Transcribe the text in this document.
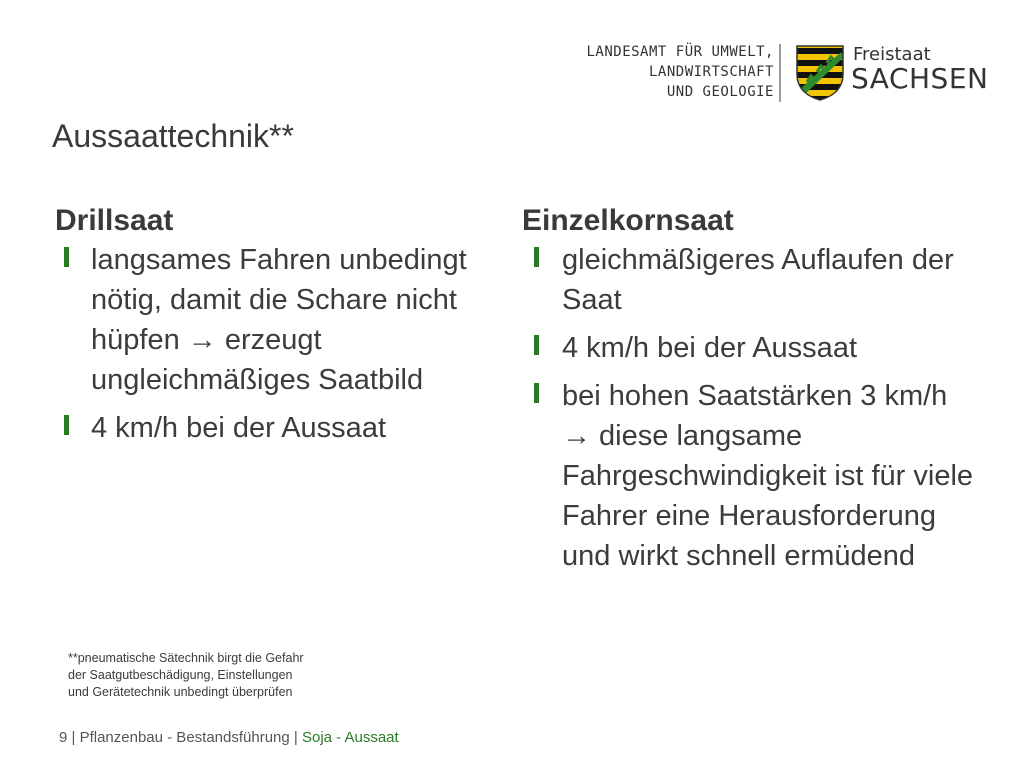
LANDESAMT FÜR UMWELT,
LANDWIRTSCHAFT
UND GEOLOGIE
Freistaat
SACHSEN
Aussaattechnik**
Drillsaat
langsames Fahren unbedingt nötig, damit die Schare nicht hüpfen → erzeugt ungleichmäßiges Saatbild
4 km/h bei der Aussaat
Einzelkornsaat
gleichmäßigeres Auflaufen der Saat
4 km/h bei der Aussaat
bei hohen Saatstärken 3 km/h → diese langsame Fahrgeschwindigkeit ist für viele Fahrer eine Herausforderung und wirkt schnell ermüdend
**pneumatische Sätechnik birgt die Gefahr
der Saatgutbeschädigung, Einstellungen
und Gerätetechnik unbedingt überprüfen
9 | Pflanzenbau - Bestandsführung | Soja - Aussaat
